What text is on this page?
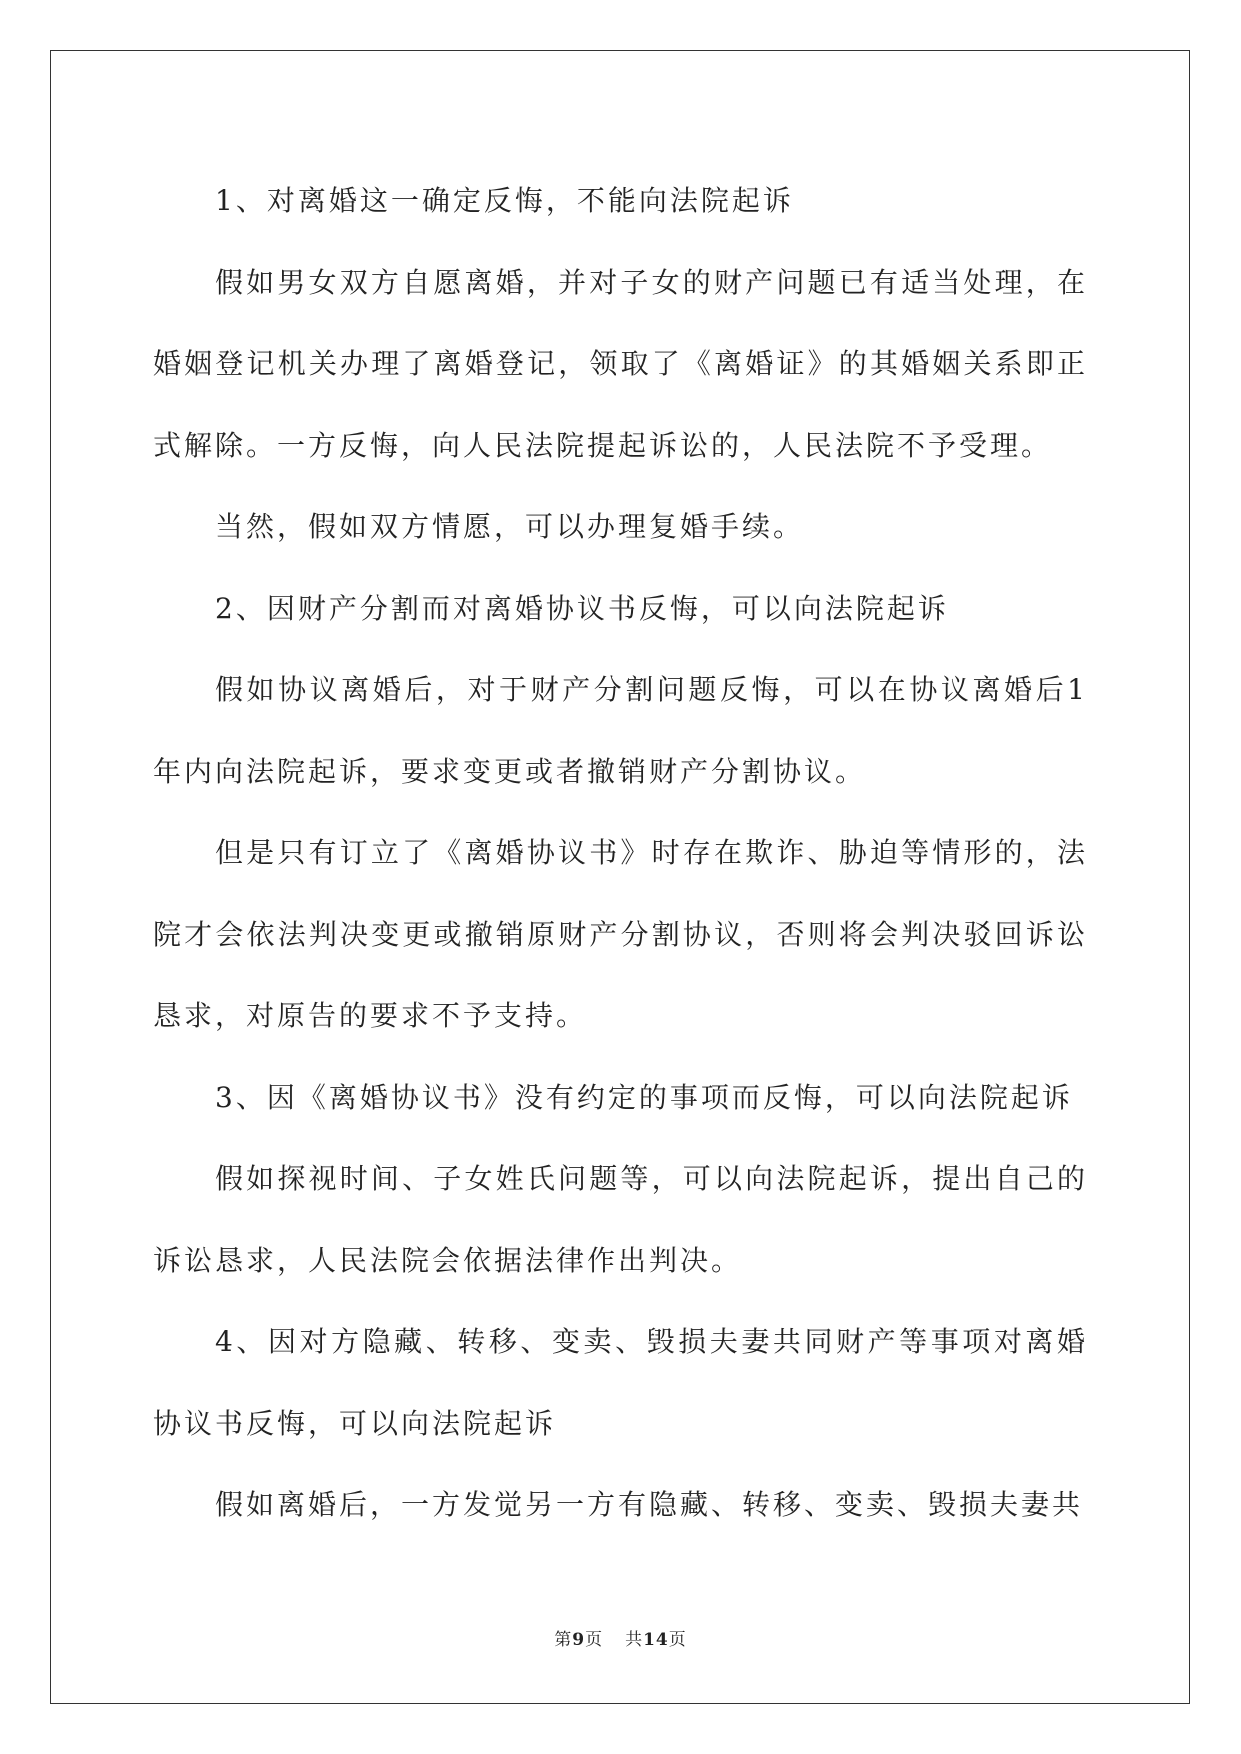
1、对离婚这一确定反悔，不能向法院起诉

假如男女双方自愿离婚，并对子女的财产问题已有适当处理，在婚姻登记机关办理了离婚登记，领取了《离婚证》的其婚姻关系即正式解除。一方反悔，向人民法院提起诉讼的，人民法院不予受理。

当然，假如双方情愿，可以办理复婚手续。

2、因财产分割而对离婚协议书反悔，可以向法院起诉

假如协议离婚后，对于财产分割问题反悔，可以在协议离婚后1年内向法院起诉，要求变更或者撤销财产分割协议。

但是只有订立了《离婚协议书》时存在欺诈、胁迫等情形的，法院才会依法判决变更或撤销原财产分割协议，否则将会判决驳回诉讼恳求，对原告的要求不予支持。

3、因《离婚协议书》没有约定的事项而反悔，可以向法院起诉

假如探视时间、子女姓氏问题等，可以向法院起诉，提出自己的诉讼恳求，人民法院会依据法律作出判决。

4、因对方隐藏、转移、变卖、毁损夫妻共同财产等事项对离婚协议书反悔，可以向法院起诉

假如离婚后，一方发觉另一方有隐藏、转移、变卖、毁损夫妻共

第9页 共14页
